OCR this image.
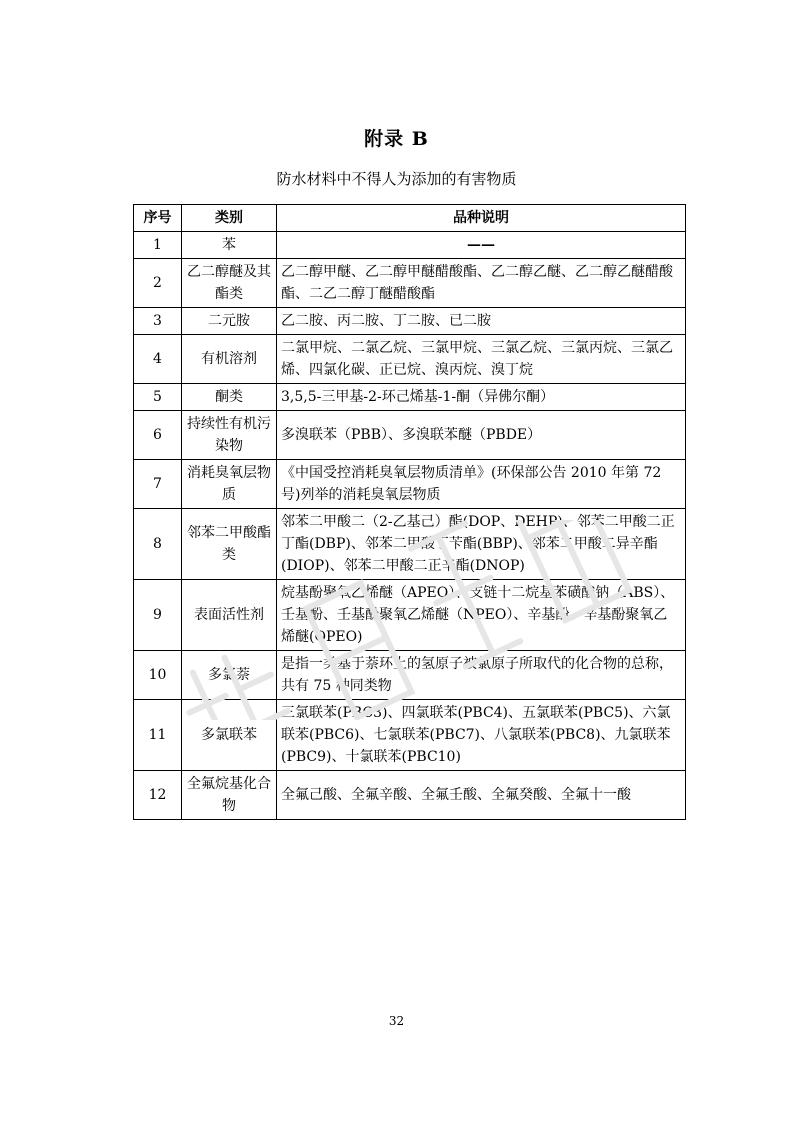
附录 B
防水材料中不得人为添加的有害物质
序号	类别	品种说明
1	苯	——
2	乙二醇醚及其酯类	乙二醇甲醚、乙二醇甲醚醋酸酯、乙二醇乙醚、乙二醇乙醚醋酸酯、二乙二醇丁醚醋酸酯
3	二元胺	乙二胺、丙二胺、丁二胺、已二胺
4	有机溶剂	二氯甲烷、二氯乙烷、三氯甲烷、三氯乙烷、三氯丙烷、三氯乙烯、四氯化碳、正已烷、溴丙烷、溴丁烷
5	酮类	3,5,5-三甲基-2-环己烯基-1-酮（异佛尔酮）
6	持续性有机污染物	多溴联苯（PBB）、多溴联苯醚（PBDE）
7	消耗臭氧层物质	《中国受控消耗臭氧层物质清单》(环保部公告 2010 年第 72 号)列举的消耗臭氧层物质
8	邻苯二甲酸酯类	邻苯二甲酸二（2-乙基己）酯(DOP、DEHP)、邻苯二甲酸二正丁酯(DBP)、邻苯二甲酸丁苄酯(BBP)、邻苯二甲酸二异辛酯(DIOP)、邻苯二甲酸二正辛酯(DNOP)
9	表面活性剂	烷基酚聚氧乙烯醚（APEO）、支链十二烷基苯磺酸钠（ABS）、壬基酚、壬基酚聚氧乙烯醚（NPEO）、辛基酚、辛基酚聚氧乙烯醚(OPEO)
10	多氯萘	是指一类基于萘环上的氢原子被氯原子所取代的化合物的总称，共有 75 种同类物
11	多氯联苯	三氯联苯(PBC3)、四氯联苯(PBC4)、五氯联苯(PBC5)、六氯联苯(PBC6)、七氯联苯(PBC7)、八氯联苯(PBC8)、九氯联苯(PBC9)、十氯联苯(PBC10)
12	全氟烷基化合物	全氟己酸、全氟辛酸、全氟壬酸、全氟癸酸、全氟十一酸
32
